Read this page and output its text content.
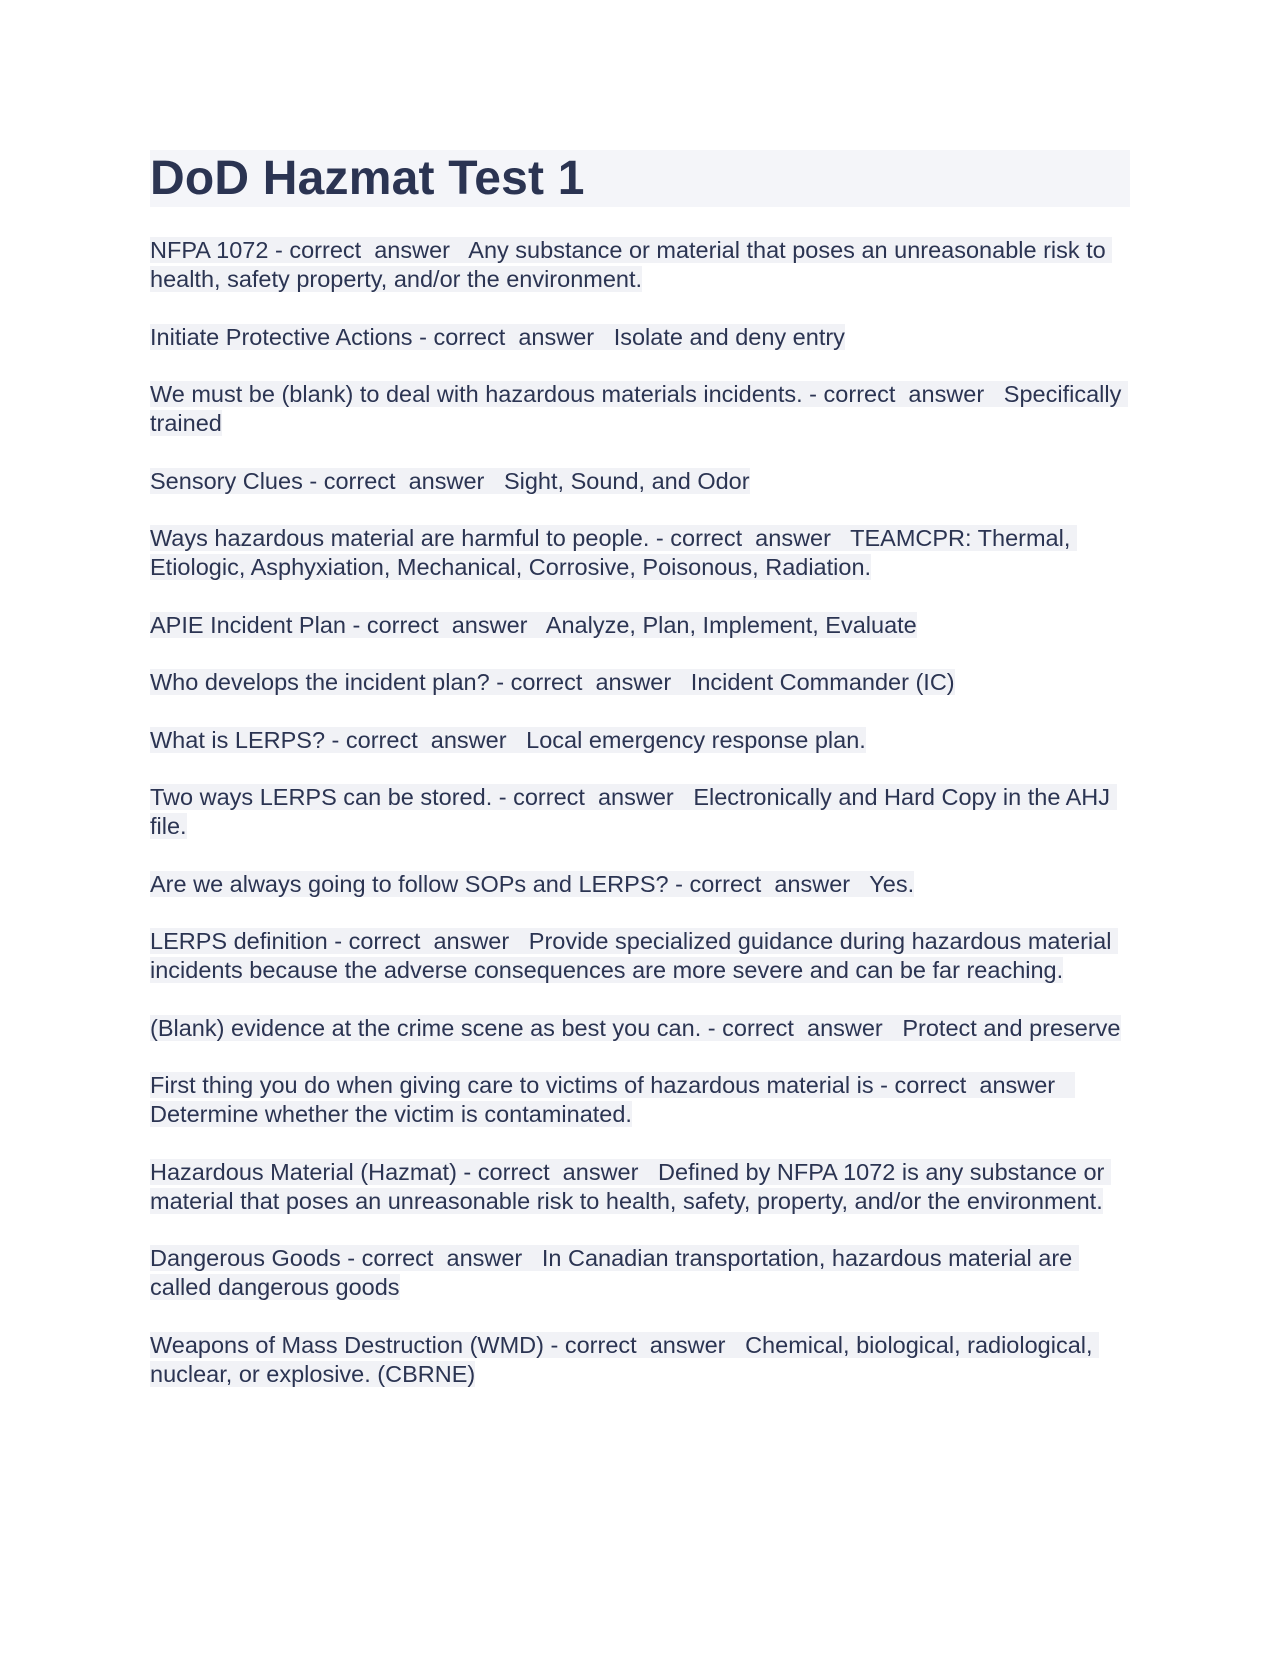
DoD Hazmat Test 1
NFPA 1072 - correct  answer Any substance or material that poses an unreasonable risk to health, safety property, and/or the environment.
Initiate Protective Actions - correct  answer Isolate and deny entry
We must be (blank) to deal with hazardous materials incidents. - correct  answer Specifically trained
Sensory Clues - correct  answer Sight, Sound, and Odor
Ways hazardous material are harmful to people. - correct  answer TEAMCPR: Thermal, Etiologic, Asphyxiation, Mechanical, Corrosive, Poisonous, Radiation.
APIE Incident Plan - correct  answer Analyze, Plan, Implement, Evaluate
Who develops the incident plan? - correct  answer Incident Commander (IC)
What is LERPS? - correct  answer Local emergency response plan.
Two ways LERPS can be stored. - correct  answer Electronically and Hard Copy in the AHJ file.
Are we always going to follow SOPs and LERPS? - correct  answer Yes.
LERPS definition - correct  answer Provide specialized guidance during hazardous material incidents because the adverse consequences are more severe and can be far reaching.
(Blank) evidence at the crime scene as best you can. - correct  answer Protect and preserve
First thing you do when giving care to victims of hazardous material is - correct  answer   Determine whether the victim is contaminated.
Hazardous Material (Hazmat) - correct  answer Defined by NFPA 1072 is any substance or material that poses an unreasonable risk to health, safety, property, and/or the environment.
Dangerous Goods - correct  answer In Canadian transportation, hazardous material are called dangerous goods
Weapons of Mass Destruction (WMD) - correct  answer Chemical, biological, radiological, nuclear, or explosive. (CBRNE)
